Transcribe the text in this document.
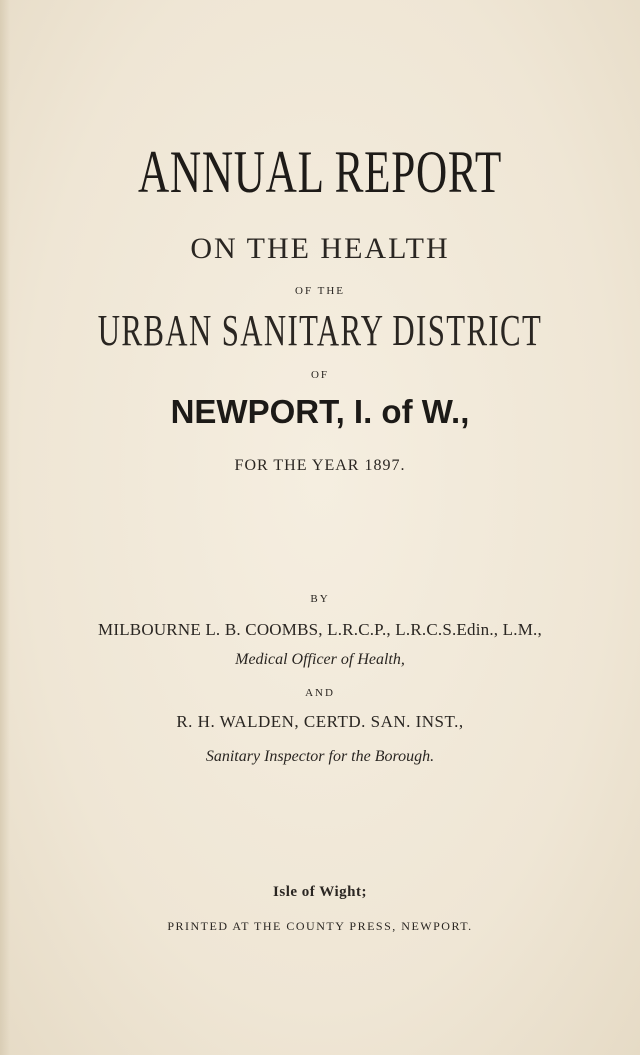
ANNUAL REPORT
ON THE HEALTH
OF THE
URBAN SANITARY DISTRICT
OF
NEWPORT, I. of W.,
FOR THE YEAR 1897.
BY
MILBOURNE L. B. COOMBS, L.R.C.P., L.R.C.S.Edin., L.M.,
Medical Officer of Health,
AND
R. H. WALDEN, CERTD. SAN. INST.,
Sanitary Inspector for the Borough.
Isle of Wight;
PRINTED AT THE COUNTY PRESS, NEWPORT.
